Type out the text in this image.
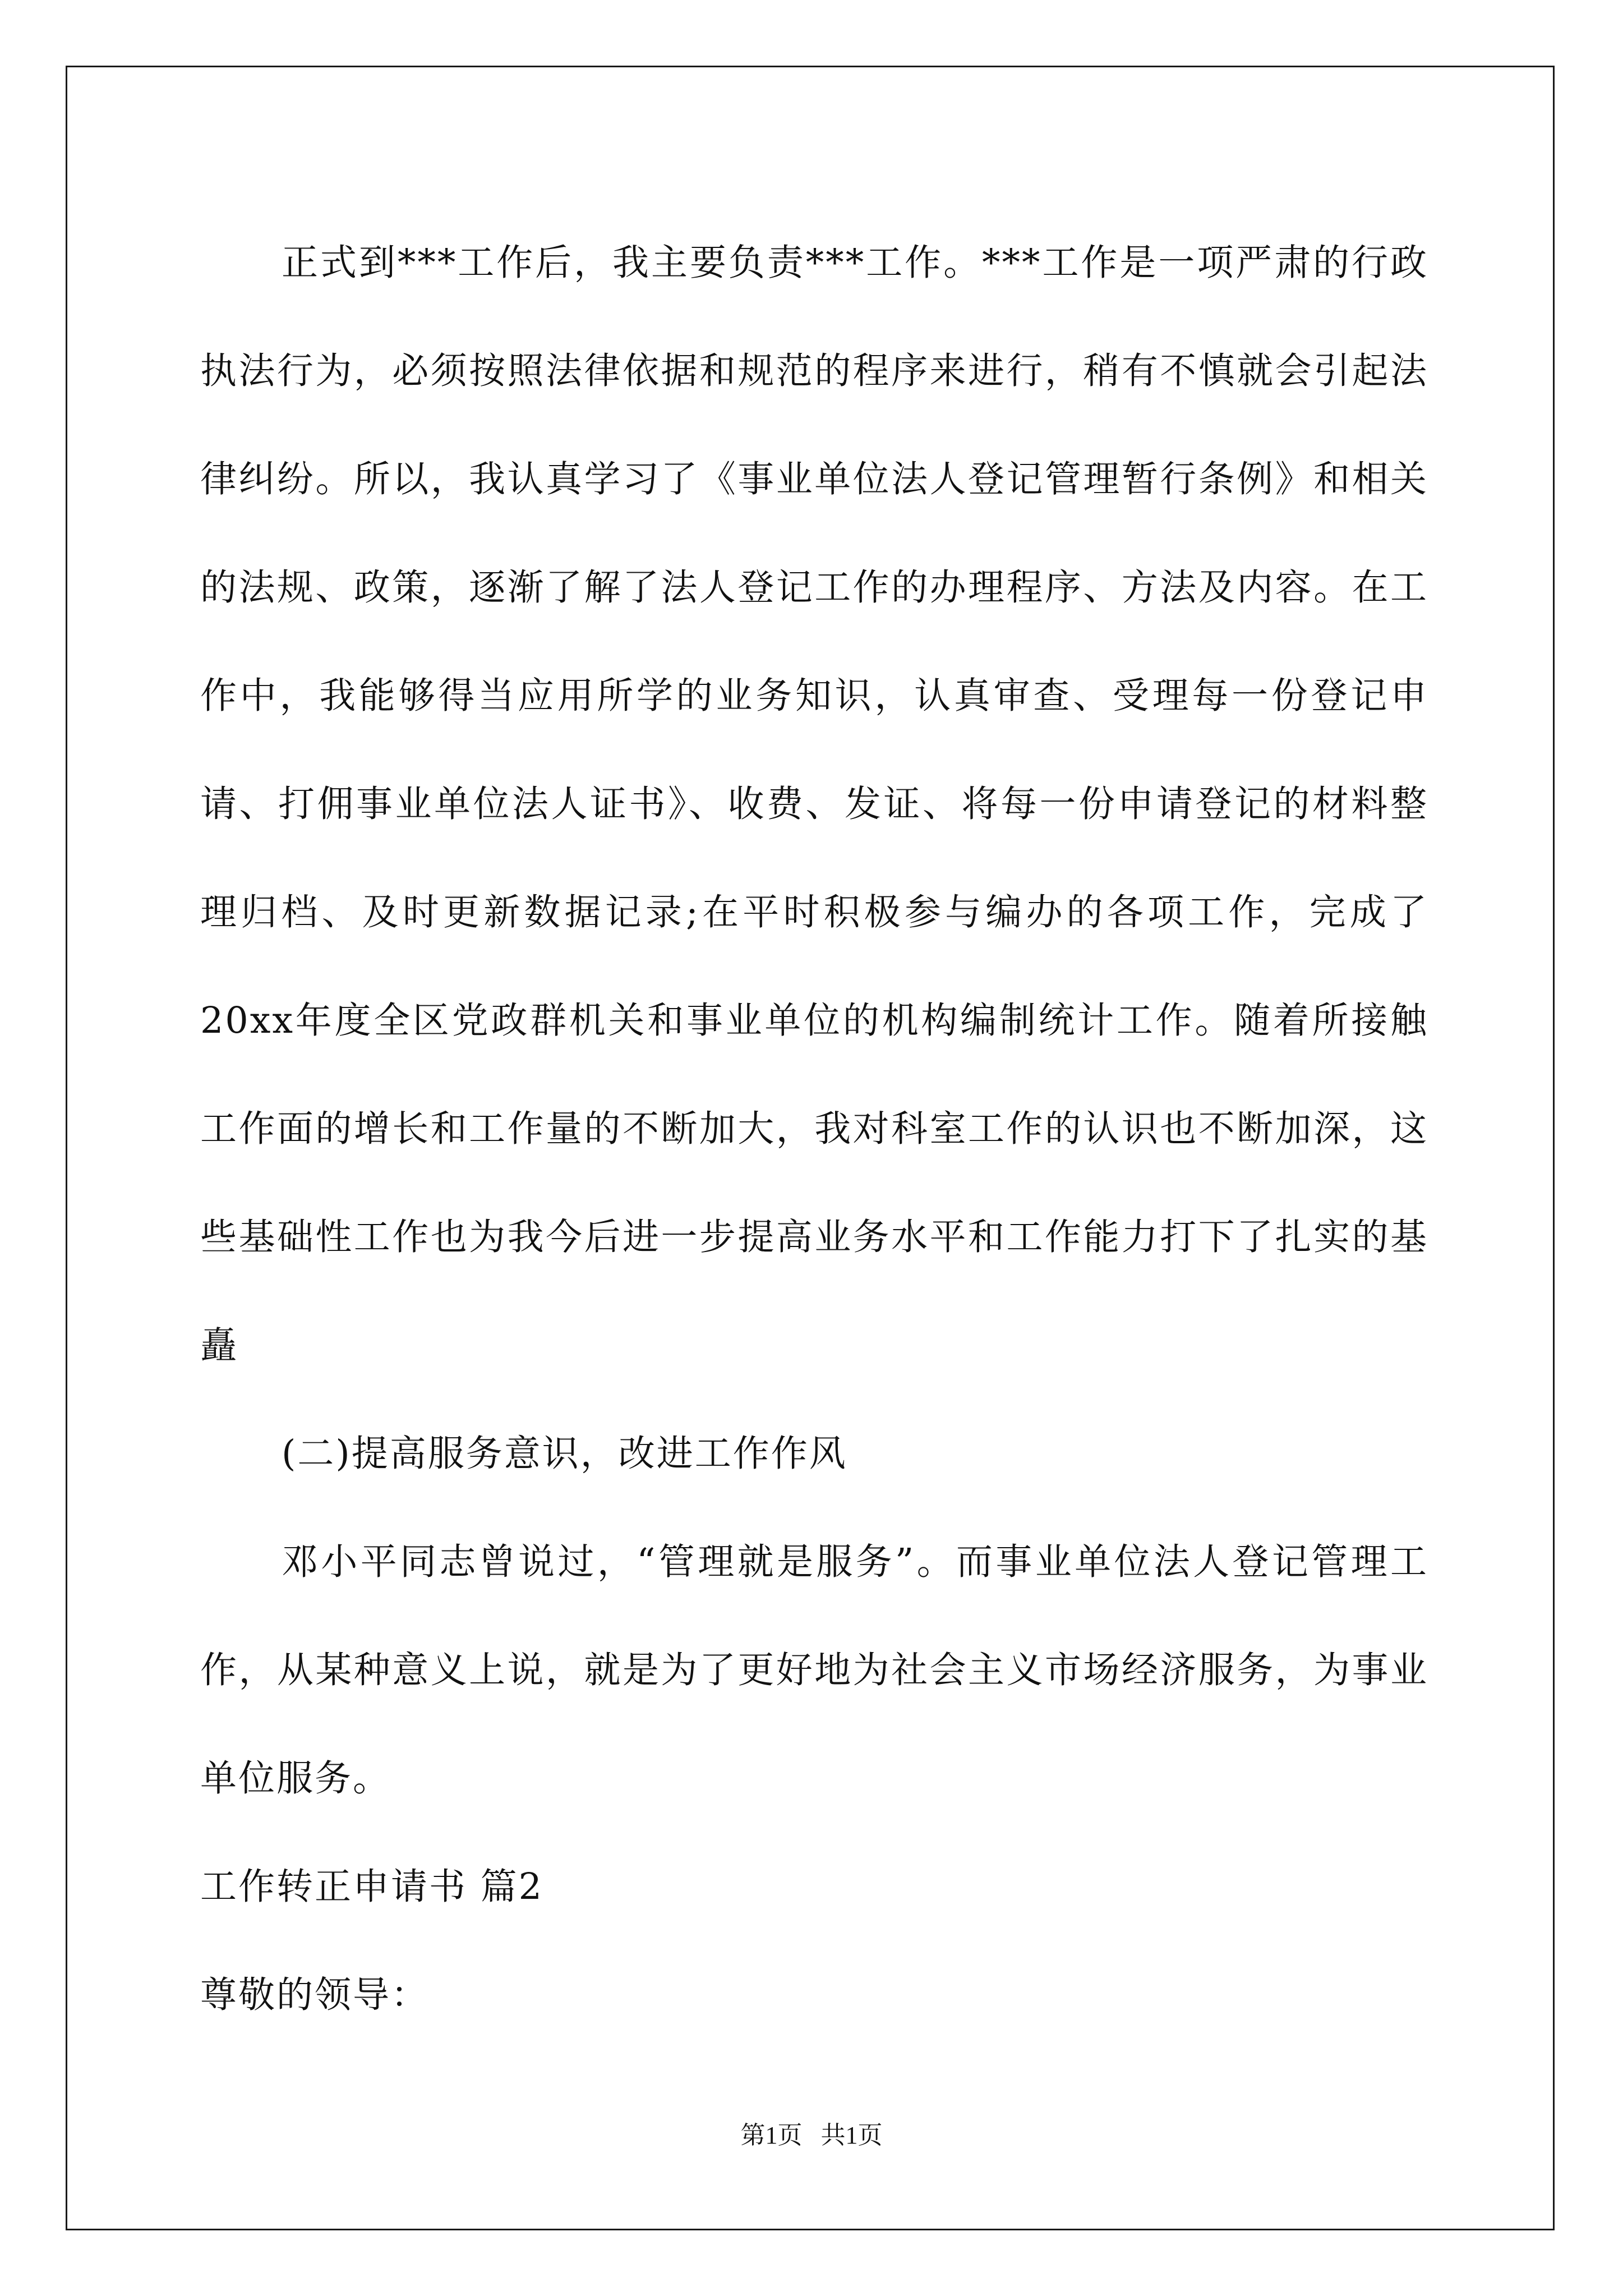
正式到***工作后，我主要负责***工作。***工作是一项严肃的行政执法行为，必须按照法律依据和规范的程序来进行，稍有不慎就会引起法律纠纷。所以，我认真学习了《事业单位法人登记管理暂行条例》和相关的法规、政策，逐渐了解了法人登记工作的办理程序、方法及内容。在工作中，我能够得当应用所学的业务知识，认真审查、受理每一份登记申请、打佣事业单位法人证书》、收费、发证、将每一份申请登记的材料整理归档、及时更新数据记录;在平时积极参与编办的各项工作，完成了20xx年度全区党政群机关和事业单位的机构编制统计工作。随着所接触工作面的增长和工作量的不断加大，我对科室工作的认识也不断加深，这些基础性工作也为我今后进一步提高业务水平和工作能力打下了扎实的基矗

(二)提高服务意识，改进工作作风

邓小平同志曾说过，“管理就是服务”。而事业单位法人登记管理工作，从某种意义上说，就是为了更好地为社会主义市场经济服务，为事业单位服务。

工作转正申请书 篇2

尊敬的领导：

第1页   共1页
